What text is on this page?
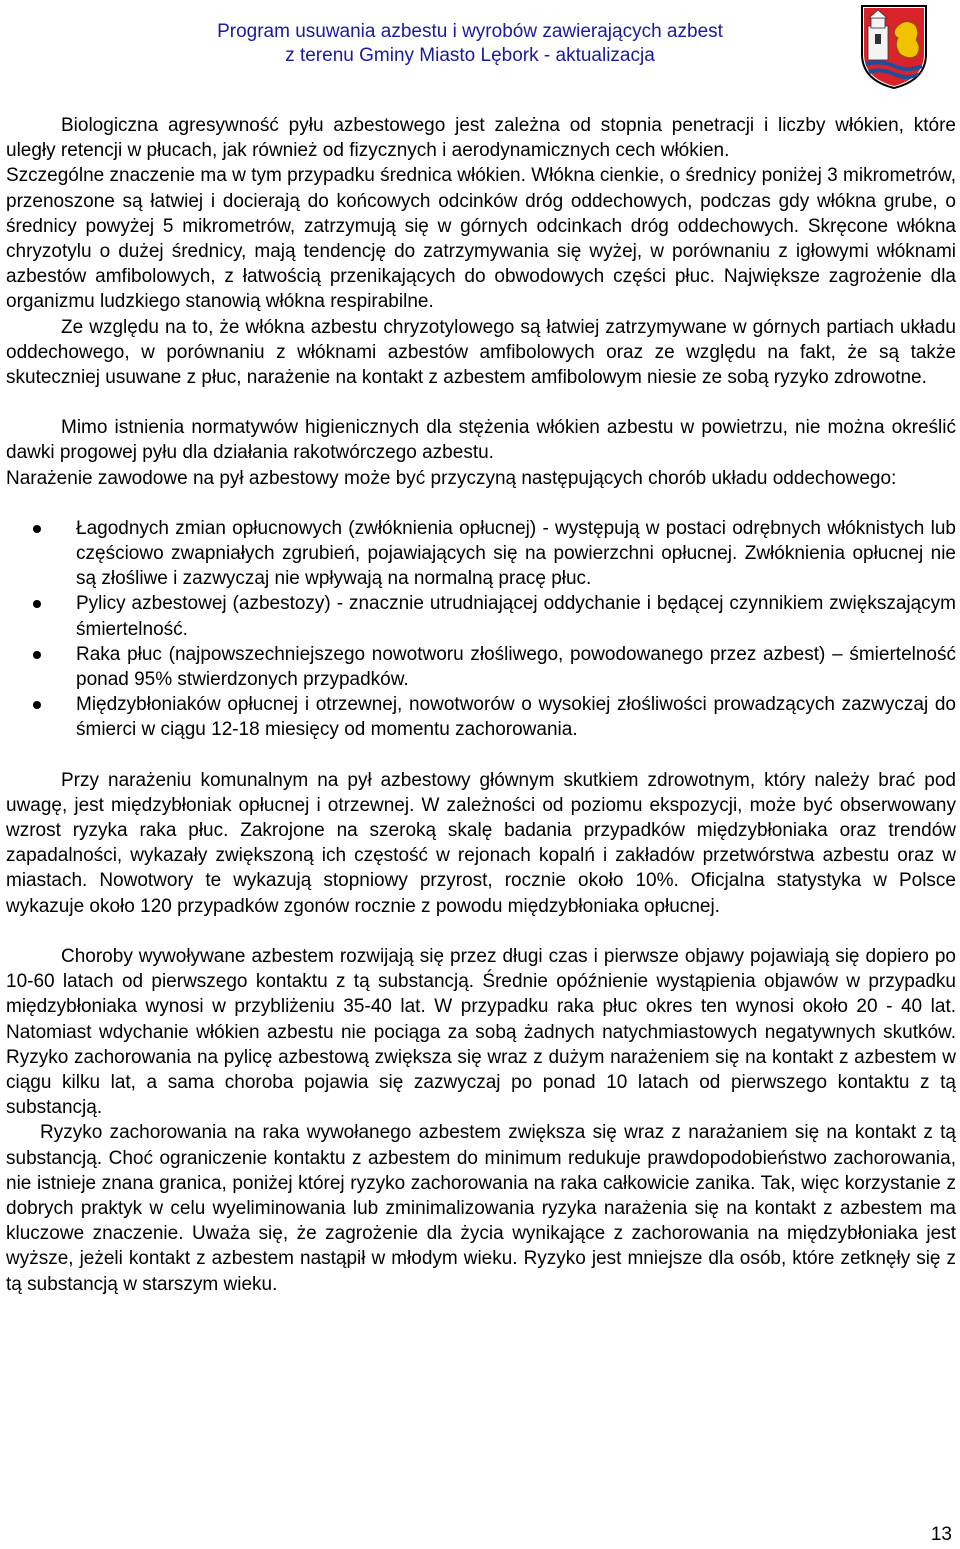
Program usuwania azbestu i wyrobów zawierających azbest
z terenu Gminy Miasto Lębork - aktualizacja

Biologiczna agresywność pyłu azbestowego jest zależna od stopnia penetracji i liczby włókien, które uległy retencji w płucach, jak również od fizycznych i aerodynamicznych cech włókien.

Szczególne znaczenie ma w tym przypadku średnica włókien. Włókna cienkie, o średnicy poniżej 3 mikrometrów, przenoszone są łatwiej i docierają do końcowych odcinków dróg oddechowych, podczas gdy włókna grube, o średnicy powyżej 5 mikrometrów, zatrzymują się w górnych odcinkach dróg oddechowych. Skręcone włókna chryzotylu o dużej średnicy, mają tendencję do zatrzymywania się wyżej, w porównaniu z igłowymi włóknami azbestów amfibolowych, z łatwością przenikających do obwodowych części płuc. Największe zagrożenie dla organizmu ludzkiego stanowią włókna respirabilne.

Ze względu na to, że włókna azbestu chryzotylowego są łatwiej zatrzymywane w górnych partiach układu oddechowego, w porównaniu z włóknami azbestów amfibolowych oraz ze względu na fakt, że są także skuteczniej usuwane z płuc, narażenie na kontakt z azbestem amfibolowym niesie ze sobą ryzyko zdrowotne.

Mimo istnienia normatywów higienicznych dla stężenia włókien azbestu w powietrzu, nie można określić dawki progowej pyłu dla działania rakotwórczego azbestu.

Narażenie zawodowe na pył azbestowy może być przyczyną następujących chorób układu oddechowego:

Łagodnych zmian opłucnowych (zwłóknienia opłucnej) - występują w postaci odrębnych włóknistych lub częściowo zwapniałych zgrubień, pojawiających się na powierzchni opłucnej. Zwłóknienia opłucnej nie są złośliwe i zazwyczaj nie wpływają na normalną pracę płuc.
Pylicy azbestowej (azbestozy) - znacznie utrudniającej oddychanie i będącej czynnikiem zwiększającym śmiertelność.
Raka płuc (najpowszechniejszego nowotworu złośliwego, powodowanego przez azbest) – śmiertelność ponad 95% stwierdzonych przypadków.
Międzybłoniaków opłucnej i otrzewnej, nowotworów o wysokiej złośliwości prowadzących zazwyczaj do śmierci w ciągu 12-18 miesięcy od momentu zachorowania.

Przy narażeniu komunalnym na pył azbestowy głównym skutkiem zdrowotnym, który należy brać pod uwagę, jest międzybłoniak opłucnej i otrzewnej. W zależności od poziomu ekspozycji, może być obserwowany wzrost ryzyka raka płuc. Zakrojone na szeroką skalę badania przypadków międzybłoniaka oraz trendów zapadalności, wykazały zwiększoną ich częstość w rejonach kopalń i zakładów przetwórstwa azbestu oraz w miastach. Nowotwory te wykazują stopniowy przyrost, rocznie około 10%. Oficjalna statystyka w Polsce wykazuje około 120 przypadków zgonów rocznie z powodu międzybłoniaka opłucnej.

Choroby wywoływane azbestem rozwijają się przez długi czas i pierwsze objawy pojawiają się dopiero po 10-60 latach od pierwszego kontaktu z tą substancją. Średnie opóźnienie wystąpienia objawów w przypadku międzybłoniaka wynosi w przybliżeniu 35-40 lat. W przypadku raka płuc okres ten wynosi około 20 - 40 lat. Natomiast wdychanie włókien azbestu nie pociąga za sobą żadnych natychmiastowych negatywnych skutków. Ryzyko zachorowania na pylicę azbestową zwiększa się wraz z dużym narażeniem się na kontakt z azbestem w ciągu kilku lat, a sama choroba pojawia się zazwyczaj po ponad 10 latach od pierwszego kontaktu z tą substancją.

Ryzyko zachorowania na raka wywołanego azbestem zwiększa się wraz z narażaniem się na kontakt z tą substancją. Choć ograniczenie kontaktu z azbestem do minimum redukuje prawdopodobieństwo zachorowania, nie istnieje znana granica, poniżej której ryzyko zachorowania na raka całkowicie zanika. Tak, więc korzystanie z dobrych praktyk w celu wyeliminowania lub zminimalizowania ryzyka narażenia się na kontakt z azbestem ma kluczowe znaczenie. Uważa się, że zagrożenie dla życia wynikające z zachorowania na międzybłoniaka jest wyższe, jeżeli kontakt z azbestem nastąpił w młodym wieku. Ryzyko jest mniejsze dla osób, które zetknęły się z tą substancją w starszym wieku.

13
